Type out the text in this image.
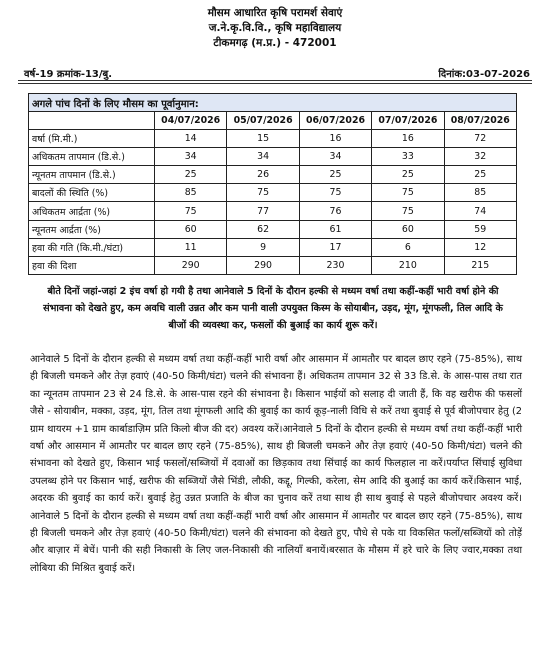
मौसम आधारित कृषि परामर्श सेवाएं
ज.ने.कृ.वि.वि., कृषि महाविद्यालय
टीकमगढ़ (म.प्र.) - 472001
वर्ष-19 क्रमांक-13/बु.	दिनांक:03-07-2026
अगले पांच दिनों के लिए मौसम का पूर्वानुमान:					
	04/07/2026	05/07/2026	06/07/2026	07/07/2026	08/07/2026
वर्षा (मि.मी.)	14	15	16	16	72
अधिकतम तापमान (डि.से.)	34	34	34	33	32
न्यूनतम तापमान (डि.से.)	25	26	25	25	25
बादलों की स्थिति (%)	85	75	75	75	85
अधिकतम आर्द्रता (%)	75	77	76	75	74
न्यूनतम आर्द्रता (%)	60	62	61	60	59
हवा की गति (कि.मी./घंटा)	11	9	17	6	12
हवा की दिशा	290	290	230	210	215
बीते दिनों जहां-जहां 2 इंच वर्षा हो गयी है तथा आनेवाले 5 दिनों के दौरान हल्की से मध्यम वर्षा तथा कहीं-कहीं भारी वर्षा होने की संभावना को देखते हुए, कम अवधि वाली उन्नत और कम पानी वाली उपयुक्त किस्म के सोयाबीन, उड़द, मूंग, मूंगफली, तिल आदि के बीजों की व्यवस्था कर, फसलों की बुआई का कार्य शुरू करें।
आनेवाले 5 दिनों के दौरान हल्की से मध्यम वर्षा तथा कहीं-कहीं भारी वर्षा और आसमान में आमतौर पर बादल छाए रहने (75-85%), साथ ही बिजली चमकने और तेज़ हवाएं (40-50 किमी/घंटा) चलने की संभावना हैं। अधिकतम तापमान 32 से 33 डि.से. के आस-पास तथा रात का न्यूनतम तापमान 23 से 24 डि.से. के आस-पास रहने की संभावना है। किसान भाईयों को सलाह दी जाती हैं, कि वह खरीफ की फसलों जैसे - सोयाबीन, मक्का, उड़द, मूंग, तिल तथा मूंगफली आदि की बुवाई का कार्य कूड़-नाली विधि से करें तथा बुवाई से पूर्व बीजोपचार हेतु (2 ग्राम थायरम +1 ग्राम कार्बाडाज़िम प्रति किलो बीज की दर) अवश्य करें।आनेवाले 5 दिनों के दौरान हल्की से मध्यम वर्षा तथा कहीं-कहीं भारी वर्षा और आसमान में आमतौर पर बादल छाए रहने (75-85%), साथ ही बिजली चमकने और तेज़ हवाएं (40-50 किमी/घंटा) चलने की संभावना को देखते हुए, किसान भाई फसलों/सब्जियों में दवाओं का छिड़काव तथा सिंचाई का कार्य फिलहाल ना करें।पर्याप्त सिंचाई सुविधा उपलब्ध होने पर किसान भाई, खरीफ की सब्जियों जैसे भिंडी, लौकी, कद्दू, गिल्की, करेला, सेम आदि की बुआई का कार्य करें।किसान भाई, अदरक की बुवाई का कार्य करें। बुवाई हेतु उन्नत प्रजाति के बीज का चुनाव करें तथा साथ ही साथ बुवाई से पहले बीजोपचार अवश्य करें। आनेवाले 5 दिनों के दौरान हल्की से मध्यम वर्षा तथा कहीं-कहीं भारी वर्षा और आसमान में आमतौर पर बादल छाए रहने (75-85%), साथ ही बिजली चमकने और तेज़ हवाएं (40-50 किमी/घंटा) चलने की संभावना को देखते हुए, पौधे से पके या विकसित फलों/सब्जियों को तोड़ें और बाज़ार में बेचें। पानी की सही निकासी के लिए जल-निकासी की नालियाँ बनायें।बरसात के मौसम में हरे चारे के लिए ज्वार,मक्का तथा लोबिया की मिश्रित बुवाई करें।
